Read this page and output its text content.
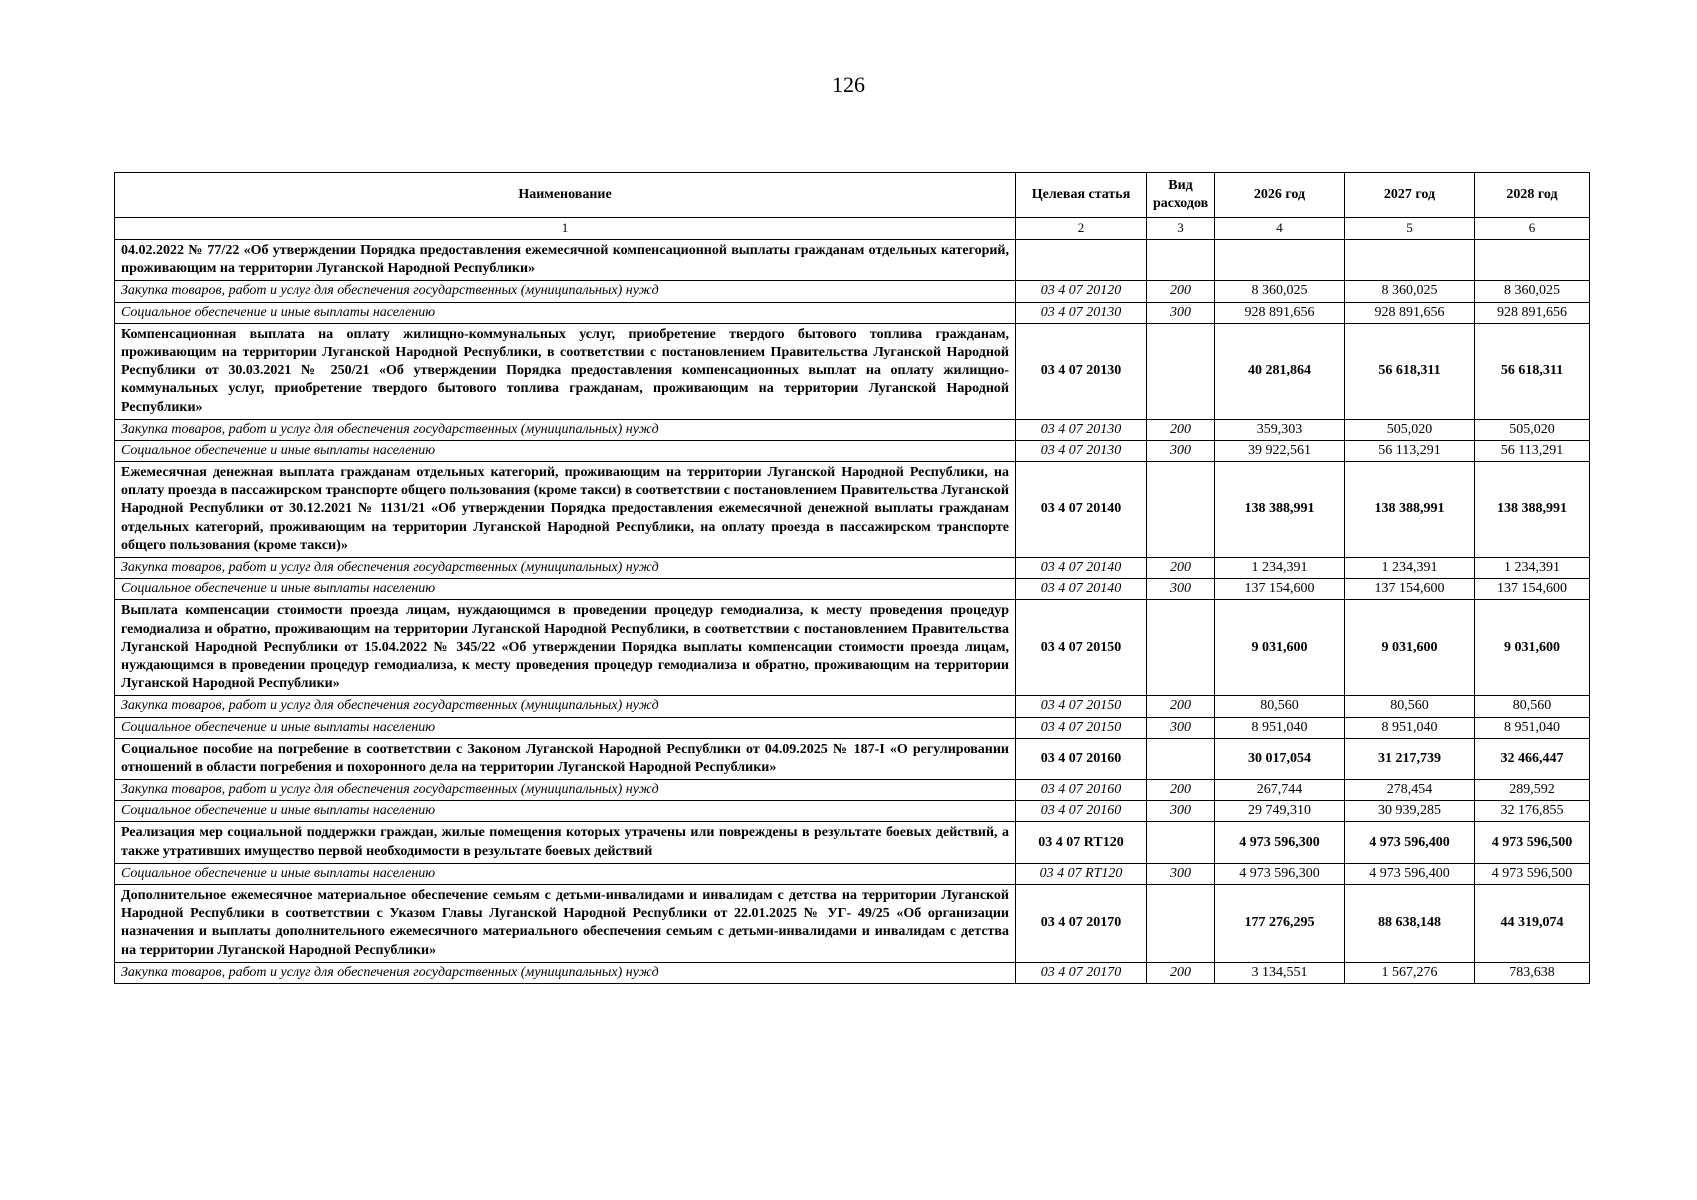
126
Наименование	Целевая статья	Вид расходов	2026 год	2027 год	2028 год
1	2	3	4	5	6
04.02.2022 № 77/22 «Об утверждении Порядка предоставления ежемесячной компенсационной выплаты гражданам отдельных категорий, проживающим на территории Луганской Народной Республики»					
Закупка товаров, работ и услуг для обеспечения государственных (муниципальных) нужд	03 4 07 20120	200	8 360,025	8 360,025	8 360,025
Социальное обеспечение и иные выплаты населению	03 4 07 20130	300	928 891,656	928 891,656	928 891,656
Компенсационная выплата на оплату жилищно-коммунальных услуг, приобретение твердого бытового топлива гражданам, проживающим на территории Луганской Народной Республики, в соответствии с постановлением Правительства Луганской Народной Республики от 30.03.2021 № 250/21 «Об утверждении Порядка предоставления компенсационных выплат на оплату жилищно-коммунальных услуг, приобретение твердого бытового топлива гражданам, проживающим на территории Луганской Народной Республики»	03 4 07 20130		40 281,864	56 618,311	56 618,311
Закупка товаров, работ и услуг для обеспечения государственных (муниципальных) нужд	03 4 07 20130	200	359,303	505,020	505,020
Социальное обеспечение и иные выплаты населению	03 4 07 20130	300	39 922,561	56 113,291	56 113,291
Ежемесячная денежная выплата гражданам отдельных категорий, проживающим на территории Луганской Народной Республики, на оплату проезда в пассажирском транспорте общего пользования (кроме такси) в соответствии с постановлением Правительства Луганской Народной Республики от 30.12.2021 № 1131/21 «Об утверждении Порядка предоставления ежемесячной денежной выплаты гражданам отдельных категорий, проживающим на территории Луганской Народной Республики, на оплату проезда в пассажирском транспорте общего пользования (кроме такси)»	03 4 07 20140		138 388,991	138 388,991	138 388,991
Закупка товаров, работ и услуг для обеспечения государственных (муниципальных) нужд	03 4 07 20140	200	1 234,391	1 234,391	1 234,391
Социальное обеспечение и иные выплаты населению	03 4 07 20140	300	137 154,600	137 154,600	137 154,600
Выплата компенсации стоимости проезда лицам, нуждающимся в проведении процедур гемодиализа, к месту проведения процедур гемодиализа и обратно, проживающим на территории Луганской Народной Республики, в соответствии с постановлением Правительства Луганской Народной Республики от 15.04.2022 № 345/22 «Об утверждении Порядка выплаты компенсации стоимости проезда лицам, нуждающимся в проведении процедур гемодиализа, к месту проведения процедур гемодиализа и обратно, проживающим на территории Луганской Народной Республики»	03 4 07 20150		9 031,600	9 031,600	9 031,600
Закупка товаров, работ и услуг для обеспечения государственных (муниципальных) нужд	03 4 07 20150	200	80,560	80,560	80,560
Социальное обеспечение и иные выплаты населению	03 4 07 20150	300	8 951,040	8 951,040	8 951,040
Социальное пособие на погребение в соответствии с Законом Луганской Народной Республики от 04.09.2025 № 187-I «О регулировании отношений в области погребения и похоронного дела на территории Луганской Народной Республики»	03 4 07 20160		30 017,054	31 217,739	32 466,447
Закупка товаров, работ и услуг для обеспечения государственных (муниципальных) нужд	03 4 07 20160	200	267,744	278,454	289,592
Социальное обеспечение и иные выплаты населению	03 4 07 20160	300	29 749,310	30 939,285	32 176,855
Реализация мер социальной поддержки граждан, жилые помещения которых утрачены или повреждены в результате боевых действий, а также утративших имущество первой необходимости в результате боевых действий	03 4 07 RT120		4 973 596,300	4 973 596,400	4 973 596,500
Социальное обеспечение и иные выплаты населению	03 4 07 RT120	300	4 973 596,300	4 973 596,400	4 973 596,500
Дополнительное ежемесячное материальное обеспечение семьям с детьми-инвалидами и инвалидам с детства на территории Луганской Народной Республики в соответствии с Указом Главы Луганской Народной Республики от 22.01.2025 № УГ- 49/25 «Об организации назначения и выплаты дополнительного ежемесячного материального обеспечения семьям с детьми-инвалидами и инвалидам с детства на территории Луганской Народной Республики»	03 4 07 20170		177 276,295	88 638,148	44 319,074
Закупка товаров, работ и услуг для обеспечения государственных (муниципальных) нужд	03 4 07 20170	200	3 134,551	1 567,276	783,638
